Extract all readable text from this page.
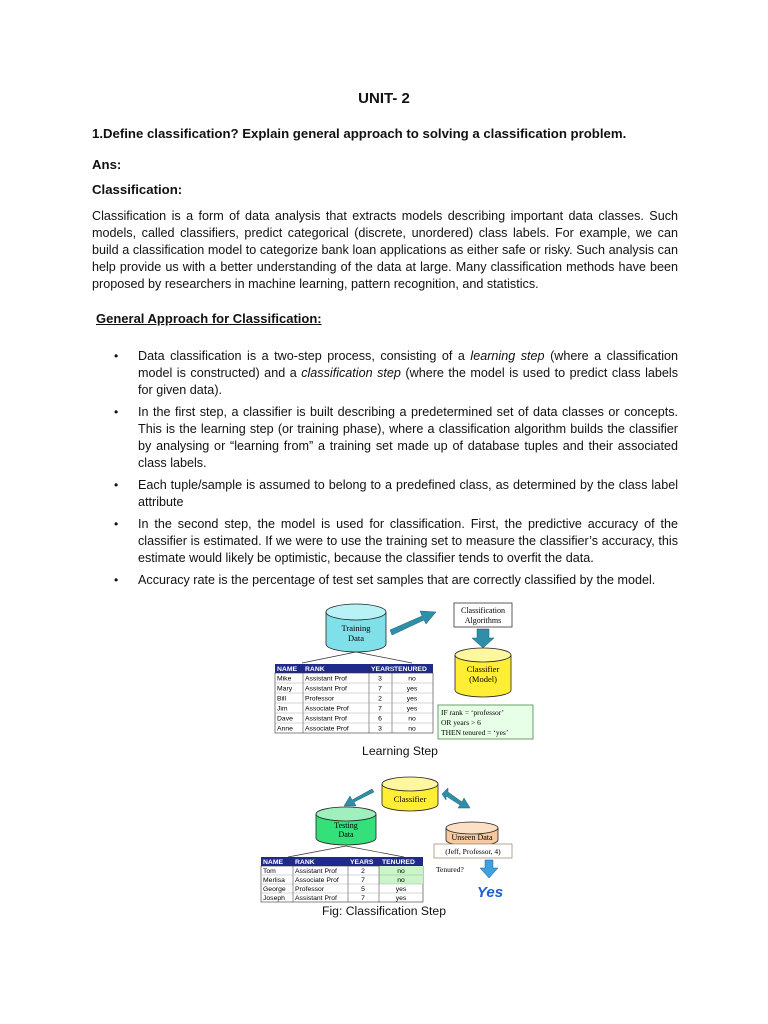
UNIT- 2
1.Define classification? Explain general approach to solving a classification problem.
Ans:
Classification:
Classification is a form of data analysis that extracts models describing important data classes. Such models, called classifiers, predict categorical (discrete, unordered) class labels. For example, we can build a classification model to categorize bank loan applications as either safe or risky. Such analysis can help provide us with a better understanding of the data at large. Many classification methods have been proposed by researchers in machine learning, pattern recognition, and statistics.
General Approach for Classification:
• Data classification is a two-step process, consisting of a learning step (where a classification model is constructed) and a classification step (where the model is used to predict class labels for given data).
• In the first step, a classifier is built describing a predetermined set of data classes or concepts. This is the learning step (or training phase), where a classification algorithm builds the classifier by analysing or “learning from” a training set made up of database tuples and their associated class labels.
• Each tuple/sample is assumed to belong to a predefined class, as determined by the class label attribute
• In the second step, the model is used for classification. First, the predictive accuracy of the classifier is estimated. If we were to use the training set to measure the classifier’s accuracy, this estimate would likely be optimistic, because the classifier tends to overfit the data.
• Accuracy rate is the percentage of test set samples that are correctly classified by the model.
Training
Data
Classification
Algorithms
Classifier
(Model)
IF rank = ‘professor’
OR years > 6
THEN tenured = ‘yes’
NAME RANK	YEARS TENURED
Mike Assistant Prof	3	no
Mary Assistant Prof	7	yes
Bill	Professor	2	yes
Jim	Associate Prof	7	yes
Dave Assistant Prof	6	no
Anne Associate Prof	3	no
Learning Step
Classifier
Testing
Data	Unseen Data
(Jeff, Professor, 4)
Tenured?
Yes
NAME RANK	YEARS TENURED
Tom	Assistant Prof	2	no
Merlisa Associate Prof	7	no
George Professor	5	yes
Joseph Assistant Prof	7	yes
Fig: Classification Step
